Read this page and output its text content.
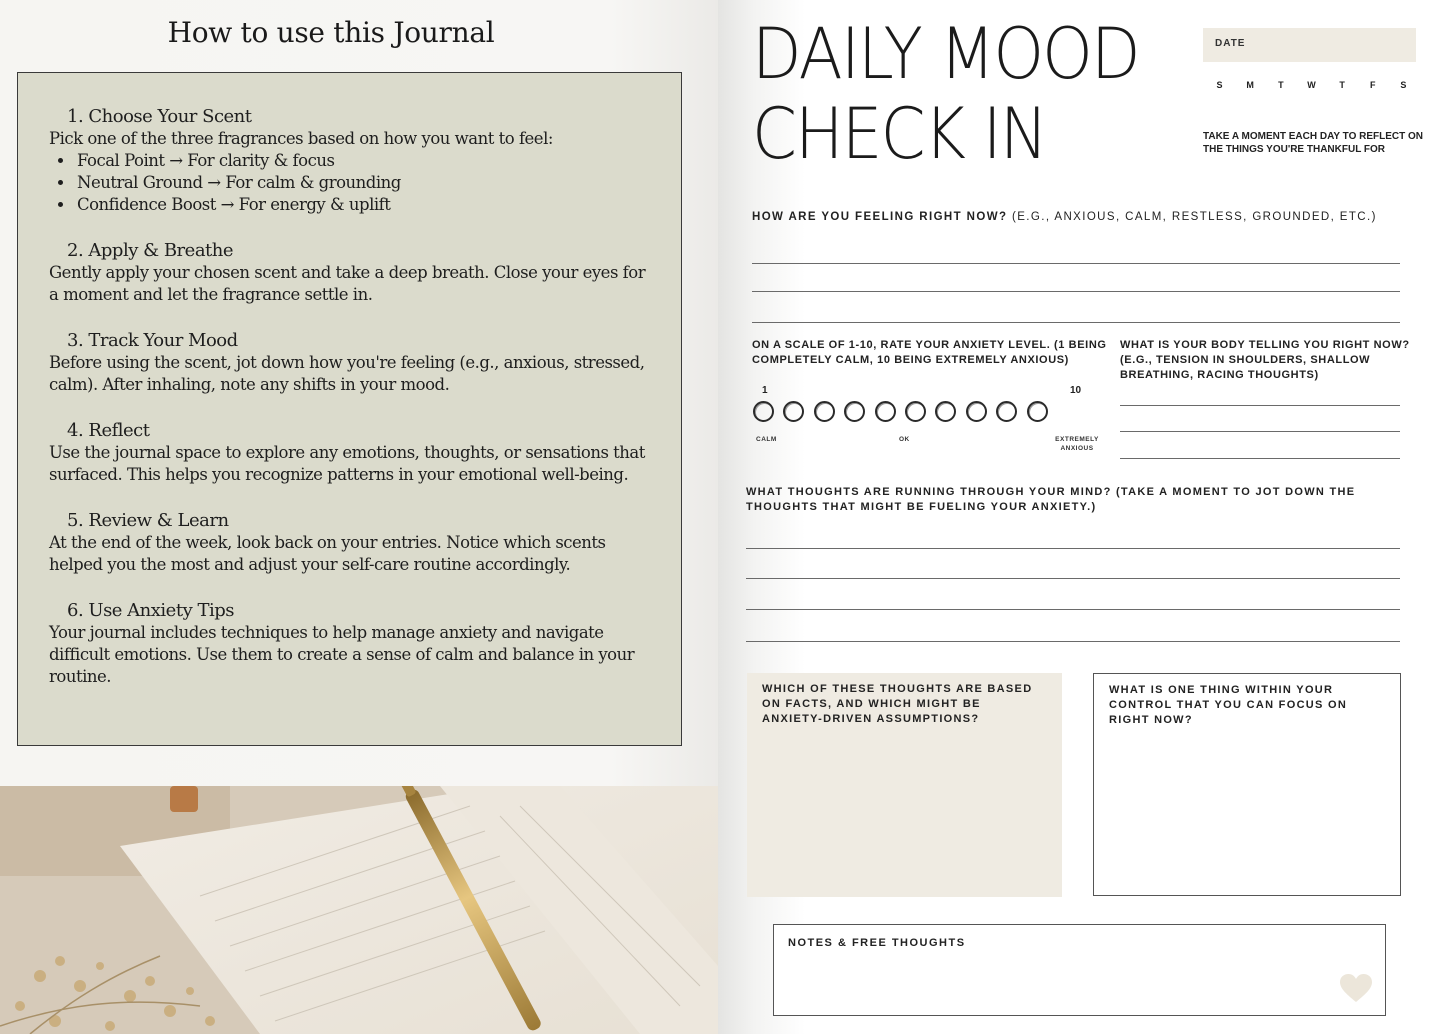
How to use this Journal
1. Choose Your Scent
Pick one of the three fragrances based on how you want to feel:
• Focal Point → For clarity & focus
• Neutral Ground → For calm & grounding
• Confidence Boost → For energy & uplift
2. Apply & Breathe
Gently apply your chosen scent and take a deep breath. Close your eyes for a moment and let the fragrance settle in.
3. Track Your Mood
Before using the scent, jot down how you're feeling (e.g., anxious, stressed, calm). After inhaling, note any shifts in your mood.
4. Reflect
Use the journal space to explore any emotions, thoughts, or sensations that surfaced. This helps you recognize patterns in your emotional well-being.
5. Review & Learn
At the end of the week, look back on your entries. Notice which scents helped you the most and adjust your self-care routine accordingly.
6. Use Anxiety Tips
Your journal includes techniques to help manage anxiety and navigate difficult emotions. Use them to create a sense of calm and balance in your routine.
DAILY MOOD
CHECK IN
DATE
S	M	T	W	T	F	S
TAKE A MOMENT EACH DAY TO REFLECT ON THE THINGS YOU'RE THANKFUL FOR
HOW ARE YOU FEELING RIGHT NOW? (E.G., ANXIOUS, CALM, RESTLESS, GROUNDED, ETC.)
ON A SCALE OF 1-10, RATE YOUR ANXIETY LEVEL. (1 BEING COMPLETELY CALM, 10 BEING EXTREMELY ANXIOUS)
1	10
CALM	OK	EXTREMELY
ANXIOUS
WHAT IS YOUR BODY TELLING YOU RIGHT NOW? (E.G., TENSION IN SHOULDERS, SHALLOW BREATHING, RACING THOUGHTS)
WHAT THOUGHTS ARE RUNNING THROUGH YOUR MIND? (TAKE A MOMENT TO JOT DOWN THE THOUGHTS THAT MIGHT BE FUELING YOUR ANXIETY.)
WHICH OF THESE THOUGHTS ARE BASED ON FACTS, AND WHICH MIGHT BE ANXIETY-DRIVEN ASSUMPTIONS?
WHAT IS ONE THING WITHIN YOUR CONTROL THAT YOU CAN FOCUS ON RIGHT NOW?
NOTES & FREE THOUGHTS
